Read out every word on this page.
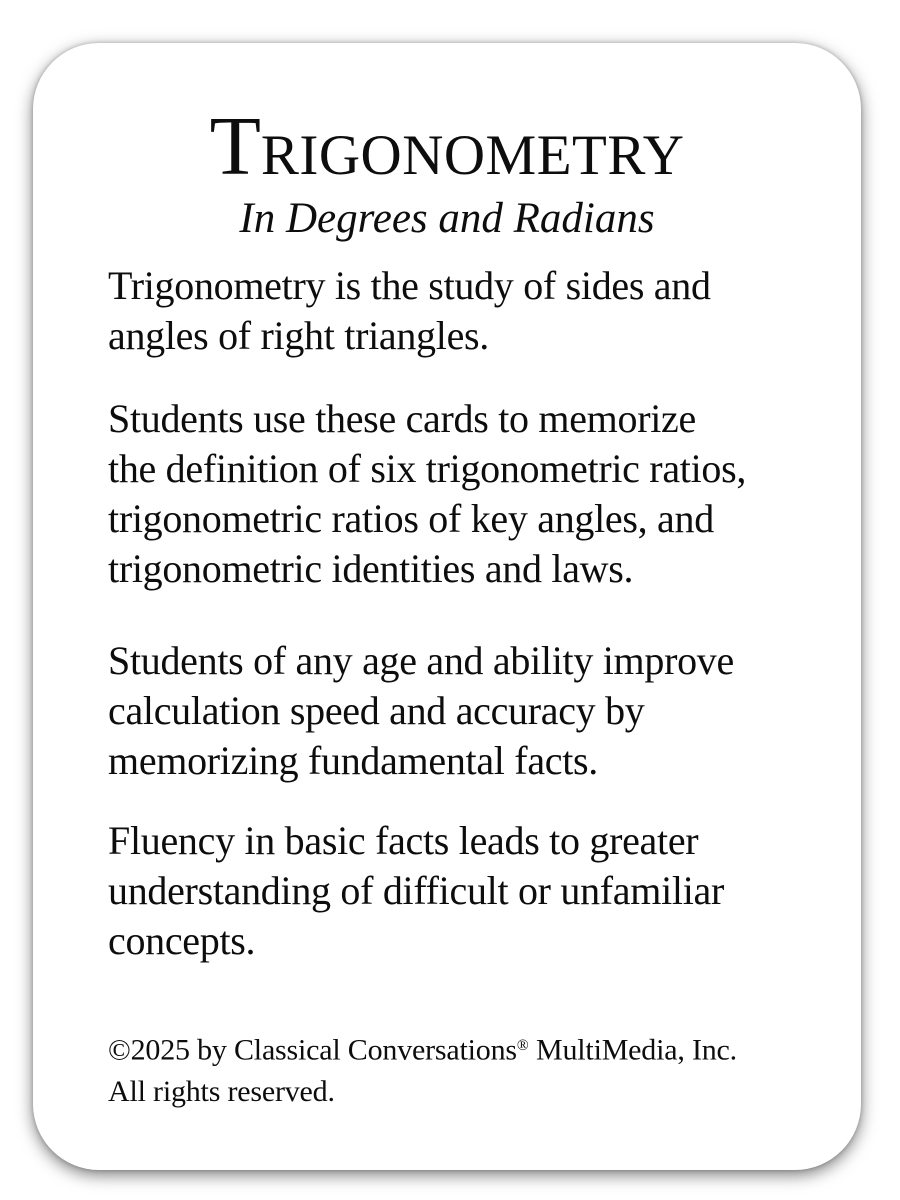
TRIGONOMETRY
In Degrees and Radians
Trigonometry is the study of sides and
angles of right triangles.
Students use these cards to memorize
the definition of six trigonometric ratios,
trigonometric ratios of key angles, and
trigonometric identities and laws.
Students of any age and ability improve
calculation speed and accuracy by
memorizing fundamental facts.
Fluency in basic facts leads to greater
understanding of difficult or unfamiliar
concepts.
©2025 by Classical Conversations® MultiMedia, Inc.
All rights reserved.
